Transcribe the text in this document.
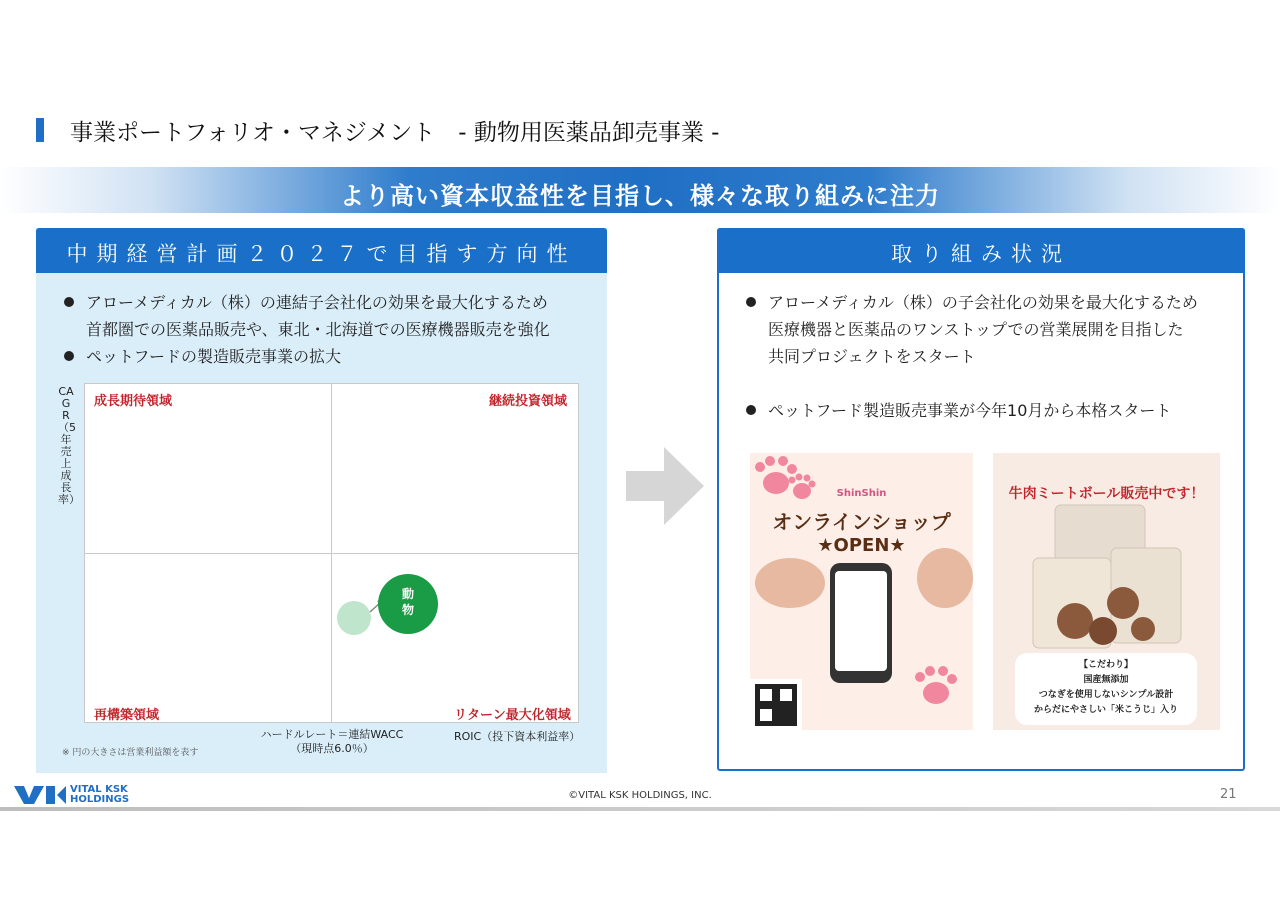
事業ポートフォリオ・マネジメント　- 動物用医薬品卸売事業 -
より高い資本収益性を目指し、様々な取り組みに注力
中期経営計画２０２７で目指す方向性
アローメディカル（株）の連結子会社化の効果を最大化するため
首都圏での医薬品販売や、東北・北海道での医療機器販売を強化
ペットフードの製造販売事業の拡大
CAGR（5年売上成長率）
成長期待領域	継続投資領域
再構築領域	リターン最大化領域
動
物
ハードルレート＝連結WACC
（現時点6.0％）
ROIC（投下資本利益率）
※ 円の大きさは営業利益額を表す
取り組み状況
アローメディカル（株）の子会社化の効果を最大化するため
医療機器と医薬品のワンストップでの営業展開を目指した
共同プロジェクトをスタート
ペットフード製造販売事業が今年10月から本格スタート
ShinShin
オンラインショップ
★OPEN★
牛肉ミートボール販売中です！
【こだわり】
国産無添加
つなぎを使用しないシンプル設計
からだにやさしい「米こうじ」入り
VITAL KSK
HOLDINGS	©VITAL KSK HOLDINGS, INC.	21
